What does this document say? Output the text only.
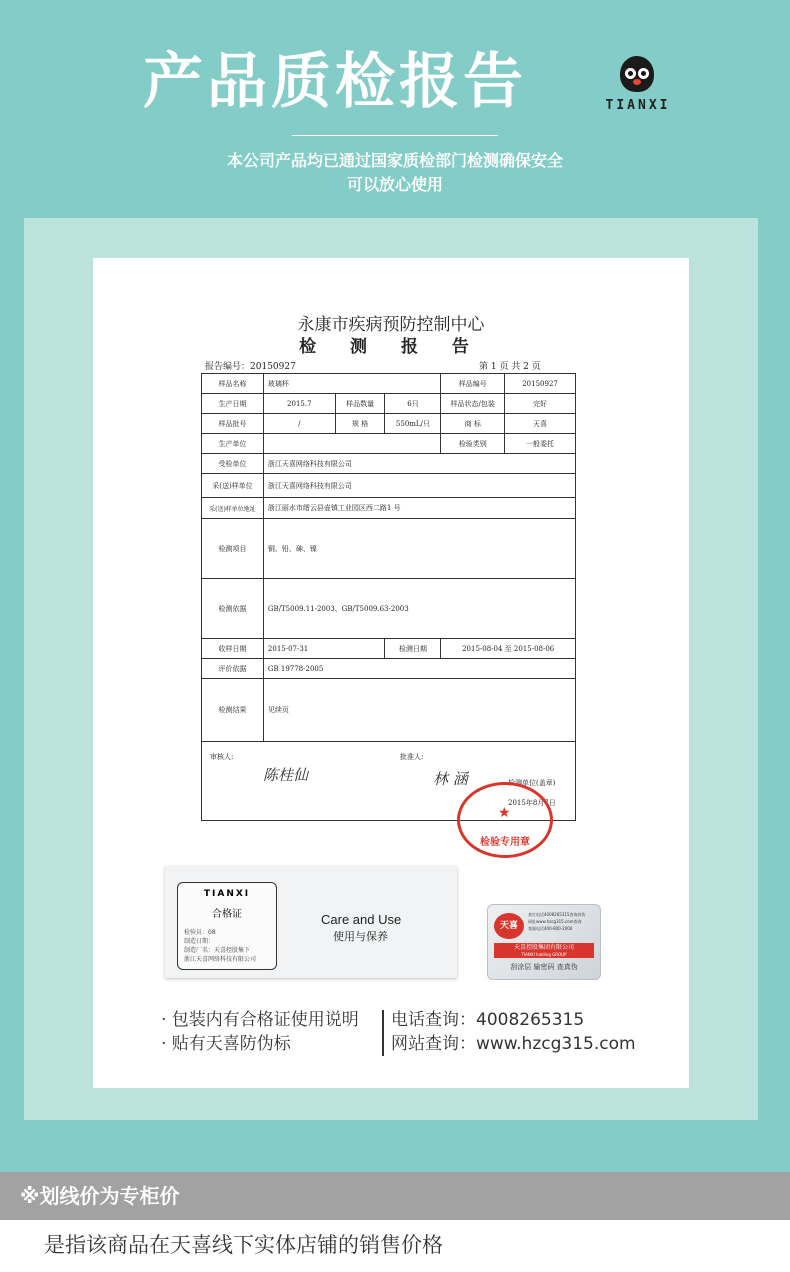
产品质检报告	TIANXI
本公司产品均已通过国家质检部门检测确保安全
可以放心使用
永康市疾病预防控制中心
检 测 报 告
报告编号：20150927	第 1 页 共 2 页
样品名称	玻璃杯			样品编号	20150927
生产日期	2015.7	样品数量	6只	样品状态/包装	完好
样品批号	/	规 格	550mL/只	商 标	天喜
生产单位				检验类别	一般委托
受检单位	浙江天喜网络科技有限公司				
采(送)样单位	浙江天喜网络科技有限公司				
采(送)样单位地址	浙江丽水市缙云县壶镇工业园区西二路1 号				
检测项目	铜、铅、砷、镍				
检测依据	GB/T5009.11-2003、GB/T5009.63-2003				
收样日期	2015-07-31		检测日期	2015-08-04 至 2015-08-06	
评价依据	GB 19778-2005				
检测结果	见续页				

审核人: 批准人:
检测单位(盖章)
2015年8月7日					
陈桂仙	林 涵
★
检验专用章
TIANXI
合格证
检验员：08
制造日期：
制造厂名：天喜控股集下
浙江天喜网络科技有限公司
Care and Use
使用与保养
天喜
查打电话4008265315查询真伪
网址www.hzcg315.com查询
客服电话400-800-2000
天喜控股集团有限公司
TIANXI holding GROUP
刮涂层 输密码 查真伪
· 包装内有合格证使用说明
· 贴有天喜防伪标
电话查询：4008265315
网站查询：www.hzcg315.com
※划线价为专柜价
是指该商品在天喜线下实体店铺的销售价格
